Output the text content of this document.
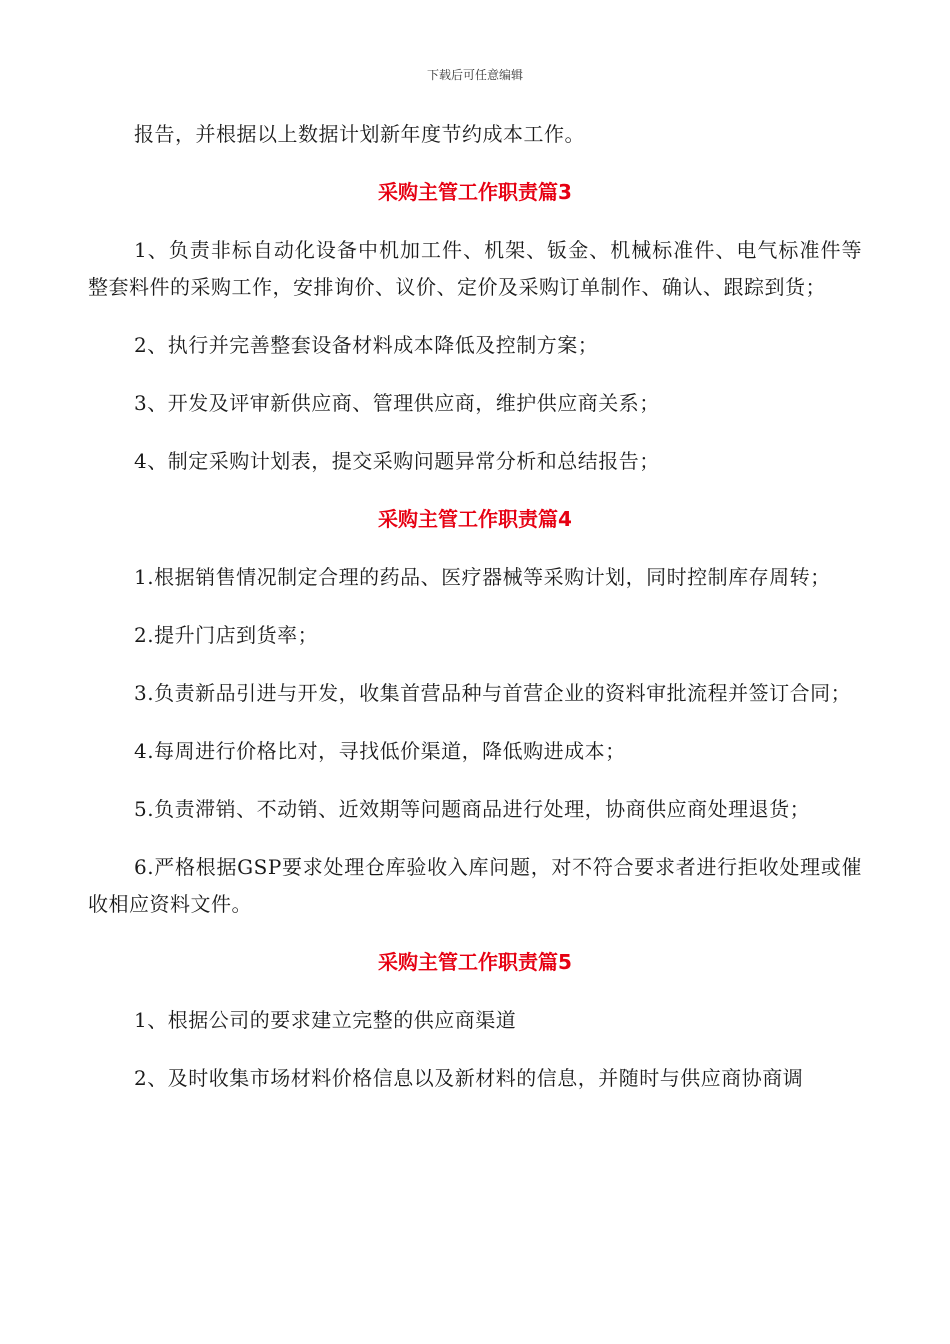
下载后可任意编辑

报告，并根据以上数据计划新年度节约成本工作。

采购主管工作职责篇3

1、负责非标自动化设备中机加工件、机架、钣金、机械标准件、电气标准件等整套料件的采购工作，安排询价、议价、定价及采购订单制作、确认、跟踪到货；

2、执行并完善整套设备材料成本降低及控制方案；

3、开发及评审新供应商、管理供应商，维护供应商关系；

4、制定采购计划表，提交采购问题异常分析和总结报告；

采购主管工作职责篇4

1.根据销售情况制定合理的药品、医疗器械等采购计划，同时控制库存周转；

2.提升门店到货率；

3.负责新品引进与开发，收集首营品种与首营企业的资料审批流程并签订合同；

4.每周进行价格比对，寻找低价渠道，降低购进成本；

5.负责滞销、不动销、近效期等问题商品进行处理，协商供应商处理退货；

6.严格根据GSP要求处理仓库验收入库问题，对不符合要求者进行拒收处理或催收相应资料文件。

采购主管工作职责篇5

1、根据公司的要求建立完整的供应商渠道

2、及时收集市场材料价格信息以及新材料的信息，并随时与供应商协商调
